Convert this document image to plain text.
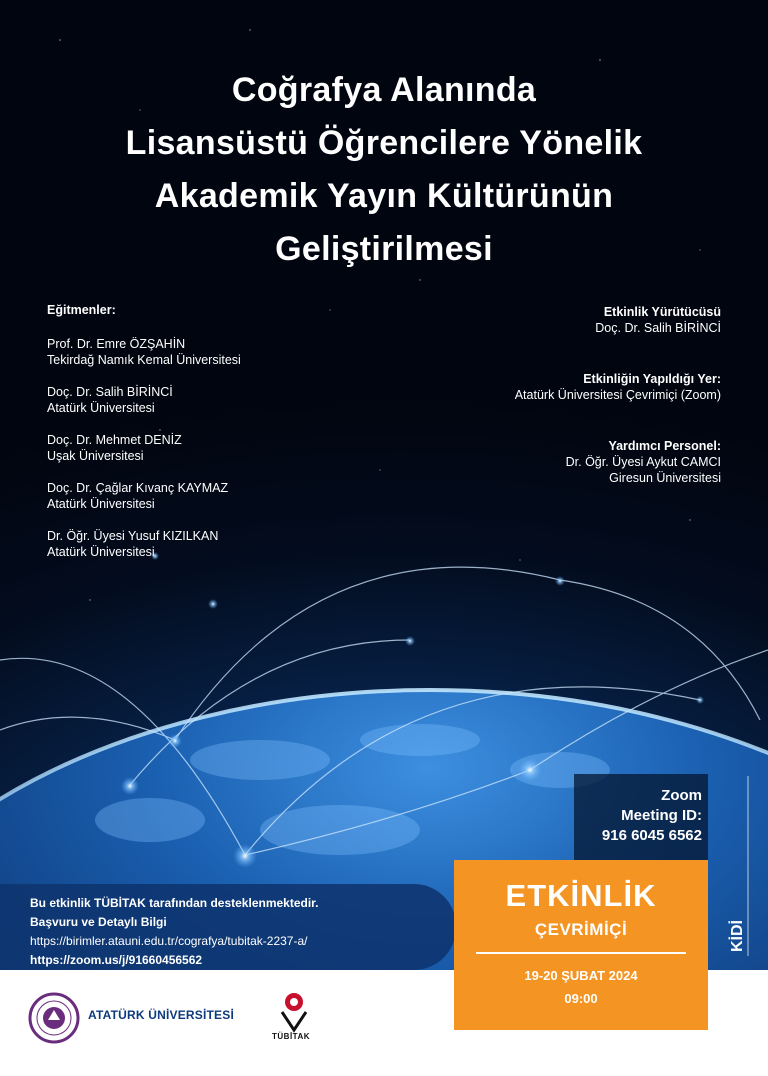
Coğrafya Alanında
Lisansüstü Öğrencilere Yönelik
Akademik Yayın Kültürünün
Geliştirilmesi
Eğitmenler:
Prof. Dr. Emre ÖZŞAHİN
Tekirdağ Namık Kemal Üniversitesi
Doç. Dr. Salih BİRİNCİ
Atatürk Üniversitesi
Doç. Dr. Mehmet DENİZ
Uşak Üniversitesi
Doç. Dr. Çağlar Kıvanç KAYMAZ
Atatürk Üniversitesi
Dr. Öğr. Üyesi Yusuf KIZILKAN
Atatürk Üniversitesi
Etkinlik Yürütücüsü
Doç. Dr. Salih BİRİNCİ
Etkinliğin Yapıldığı Yer:
Atatürk Üniversitesi Çevrimiçi (Zoom)
Yardımcı Personel:
Dr. Öğr. Üyesi Aykut CAMCI
Giresun Üniversitesi
Zoom
Meeting ID:
916 6045 6562
Bu etkinlik TÜBİTAK tarafından desteklenmektedir.
Başvuru ve Detaylı Bilgi
https://birimler.atauni.edu.tr/cografya/tubitak-2237-a/
https://zoom.us/j/91660456562
ETKİNLİK
ÇEVRİMİÇİ
19-20 ŞUBAT 2024
09:00
KİDİ
ATATÜRK ÜNİVERSİTESİ
TÜBİTAK
